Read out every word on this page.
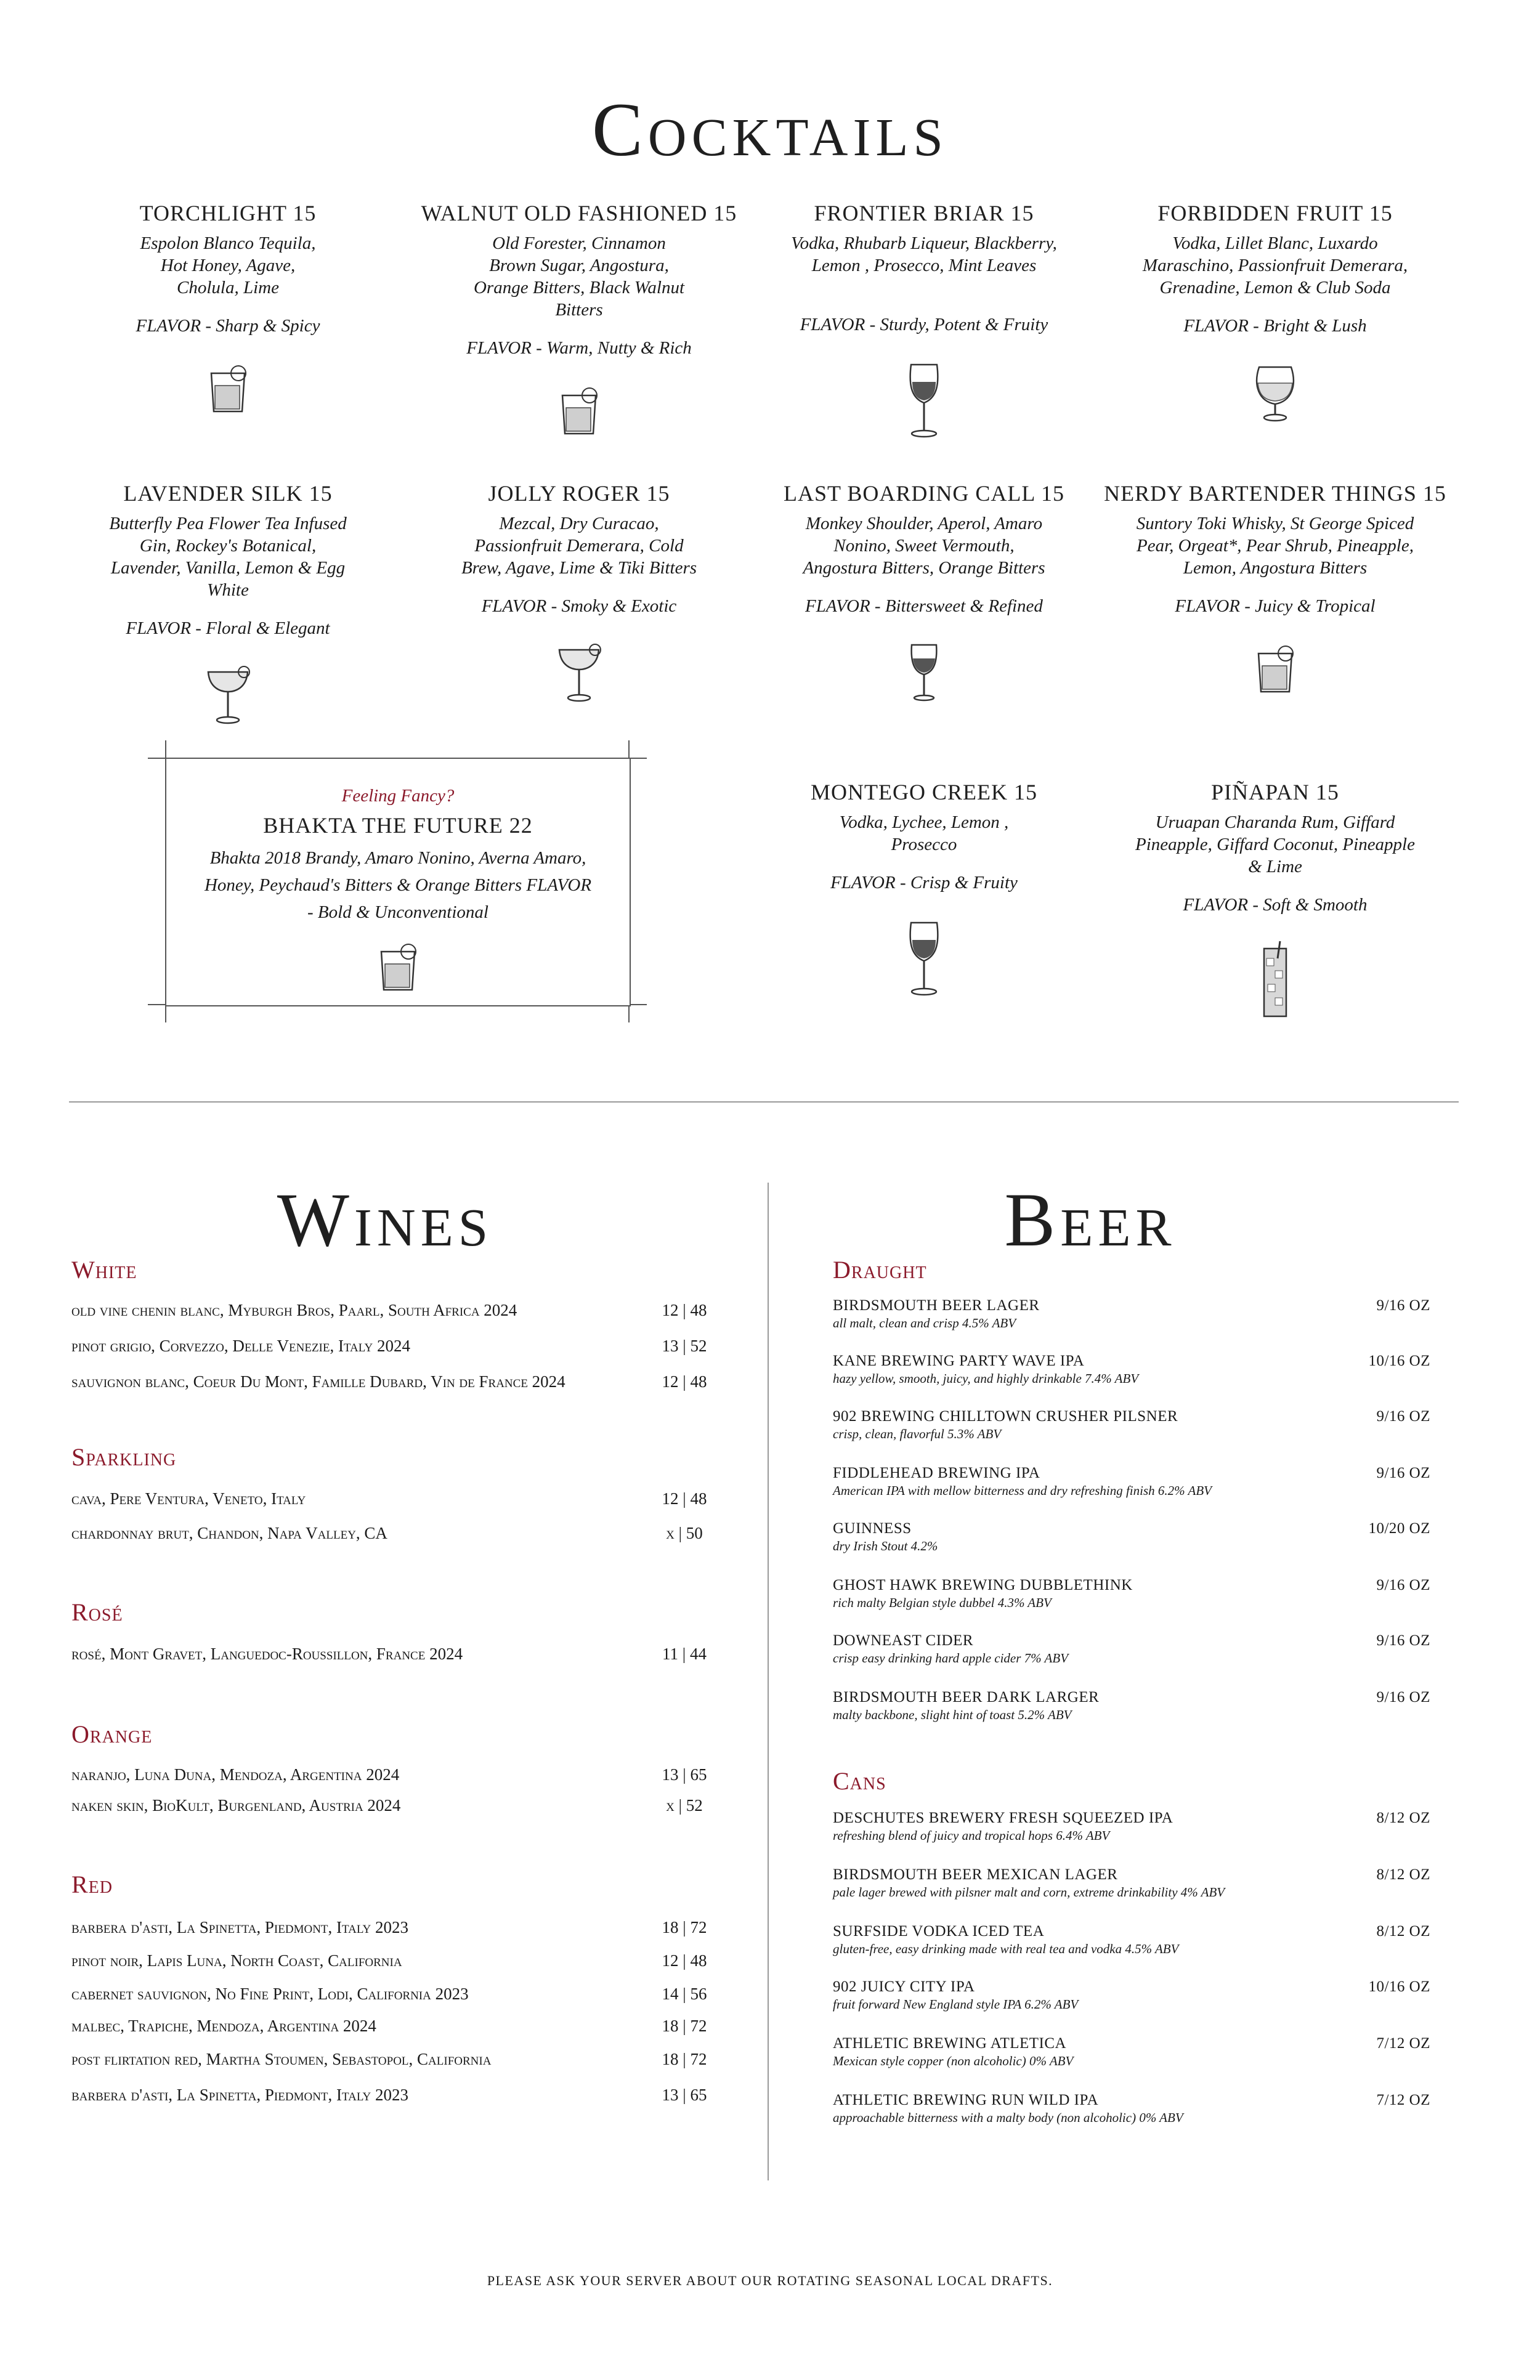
Cocktails
TORCHLIGHT 15

Espolon Blanco Tequila, Hot Honey, Agave, Cholula, Lime

FLAVOR - Sharp & Spicy
WALNUT OLD FASHIONED 15

Old Forester, Cinnamon Brown Sugar, Angostura, Orange Bitters, Black Walnut Bitters

FLAVOR - Warm, Nutty & Rich
FRONTIER BRIAR 15

Vodka, Rhubarb Liqueur, Blackberry, Lemon , Prosecco, Mint Leaves

FLAVOR - Sturdy, Potent & Fruity
FORBIDDEN FRUIT 15

Vodka, Lillet Blanc, Luxardo Maraschino, Passionfruit Demerara, Grenadine, Lemon & Club Soda

FLAVOR - Bright & Lush
LAVENDER SILK 15

Butterfly Pea Flower Tea Infused Gin, Rockey's Botanical, Lavender, Vanilla, Lemon & Egg White

FLAVOR - Floral & Elegant
JOLLY ROGER 15

Mezcal, Dry Curacao, Passionfruit Demerara, Cold Brew, Agave, Lime & Tiki Bitters

FLAVOR - Smoky & Exotic
LAST BOARDING CALL 15

Monkey Shoulder, Aperol, Amaro Nonino, Sweet Vermouth, Angostura Bitters, Orange Bitters

FLAVOR - Bittersweet & Refined
NERDY BARTENDER THINGS 15

Suntory Toki Whisky, St George Spiced Pear, Orgeat*, Pear Shrub, Pineapple, Lemon, Angostura Bitters

FLAVOR - Juicy & Tropical
Feeling Fancy?
BHAKTA THE FUTURE 22

Bhakta 2018 Brandy, Amaro Nonino, Averna Amaro, Honey, Peychaud's Bitters & Orange Bitters FLAVOR - Bold & Unconventional

MONTEGO CREEK 15

Vodka, Lychee, Lemon , Prosecco

FLAVOR - Crisp & Fruity
PIÑAPAN 15

Uruapan Charanda Rum, Giffard Pineapple, Giffard Coconut, Pineapple & Lime

FLAVOR - Soft & Smooth
Wines
White
old vine chenin blanc, Myburgh Bros, Paarl, South Africa 2024	12 | 48
pinot grigio, Corvezzo, Delle Venezie, Italy 2024	13 | 52
sauvignon blanc, Coeur Du Mont, Famille Dubard, Vin de France 2024	12 | 48
Sparkling
cava, Pere Ventura, Veneto, Italy	12 | 48
chardonnay brut, Chandon, Napa Valley, CA	x | 50
Rosé
rosé, Mont Gravet, Languedoc-Roussillon, France 2024	11 | 44
Orange
naranjo, Luna Duna, Mendoza, Argentina 2024	13 | 65
naken skin, BioKult, Burgenland, Austria 2024	x | 52
Red
barbera d'asti, La Spinetta, Piedmont, Italy 2023	18 | 72
pinot noir, Lapis Luna, North Coast, California	12 | 48
cabernet sauvignon, No Fine Print, Lodi, California 2023	14 | 56
malbec, Trapiche, Mendoza, Argentina 2024	18 | 72
post flirtation red, Martha Stoumen, Sebastopol, California	18 | 72
barbera d'asti, La Spinetta, Piedmont, Italy 2023	13 | 65
Beer
Draught
BIRDSMOUTH BEER LAGER	9/16 OZ
all malt, clean and crisp 4.5% ABV
KANE BREWING PARTY WAVE IPA	10/16 OZ
hazy yellow, smooth, juicy, and highly drinkable 7.4% ABV
902 BREWING CHILLTOWN CRUSHER PILSNER	9/16 OZ
crisp, clean, flavorful 5.3% ABV
FIDDLEHEAD BREWING IPA	9/16 OZ
American IPA with mellow bitterness and dry refreshing finish 6.2% ABV
GUINNESS	10/20 OZ
dry Irish Stout 4.2%
GHOST HAWK BREWING DUBBLETHINK	9/16 OZ
rich malty Belgian style dubbel 4.3% ABV
DOWNEAST CIDER	9/16 OZ
crisp easy drinking hard apple cider 7% ABV
BIRDSMOUTH BEER DARK LARGER	9/16 OZ
malty backbone, slight hint of toast 5.2% ABV
Cans
DESCHUTES BREWERY FRESH SQUEEZED IPA	8/12 OZ
refreshing blend of juicy and tropical hops 6.4% ABV
BIRDSMOUTH BEER MEXICAN LAGER	8/12 OZ
pale lager brewed with pilsner malt and corn, extreme drinkability 4% ABV
SURFSIDE VODKA ICED TEA	8/12 OZ
gluten-free, easy drinking made with real tea and vodka 4.5% ABV
902 JUICY CITY IPA	10/16 OZ
fruit forward New England style IPA 6.2% ABV
ATHLETIC BREWING ATLETICA	7/12 OZ
Mexican style copper (non alcoholic) 0% ABV
ATHLETIC BREWING RUN WILD IPA	7/12 OZ
approachable bitterness with a malty body (non alcoholic) 0% ABV
PLEASE ASK YOUR SERVER ABOUT OUR ROTATING SEASONAL LOCAL DRAFTS.
